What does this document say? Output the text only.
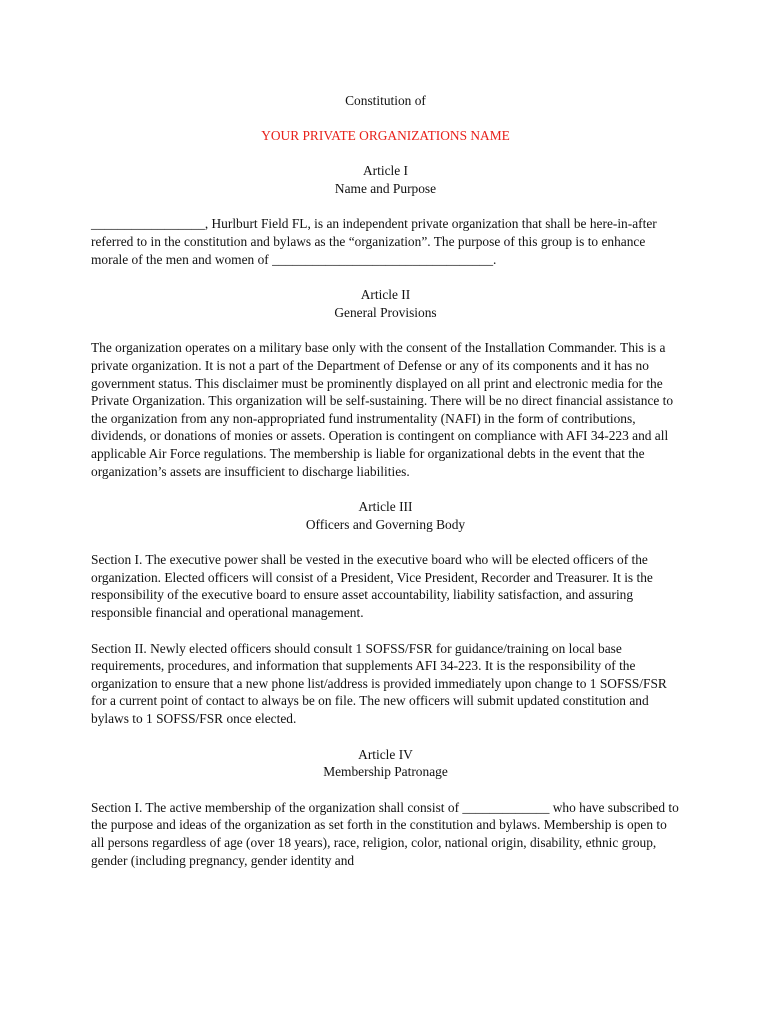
Constitution of

YOUR PRIVATE ORGANIZATIONS NAME

Article I
Name and Purpose

_________________, Hurlburt Field FL, is an independent private organization that shall be here-in-after referred to in the constitution and bylaws as the “organization”. The purpose of this group is to enhance morale of the men and women of _________________________________.

Article II
General Provisions

The organization operates on a military base only with the consent of the Installation Commander. This is a private organization. It is not a part of the Department of Defense or any of its components and it has no government status. This disclaimer must be prominently displayed on all print and electronic media for the Private Organization. This organization will be self-sustaining. There will be no direct financial assistance to the organization from any non-appropriated fund instrumentality (NAFI) in the form of contributions, dividends, or donations of monies or assets. Operation is contingent on compliance with AFI 34-223 and all applicable Air Force regulations. The membership is liable for organizational debts in the event that the organization’s assets are insufficient to discharge liabilities.

Article III
Officers and Governing Body

Section I. The executive power shall be vested in the executive board who will be elected officers of the organization. Elected officers will consist of a President, Vice President, Recorder and Treasurer. It is the responsibility of the executive board to ensure asset accountability, liability satisfaction, and assuring responsible financial and operational management.

Section II. Newly elected officers should consult 1 SOFSS/FSR for guidance/training on local base requirements, procedures, and information that supplements AFI 34-223. It is the responsibility of the organization to ensure that a new phone list/address is provided immediately upon change to 1 SOFSS/FSR for a current point of contact to always be on file. The new officers will submit updated constitution and bylaws to 1 SOFSS/FSR once elected.

Article IV
Membership Patronage

Section I. The active membership of the organization shall consist of _____________ who have subscribed to the purpose and ideas of the organization as set forth in the constitution and bylaws. Membership is open to all persons regardless of age (over 18 years), race, religion, color, national origin, disability, ethnic group, gender (including pregnancy, gender identity and
